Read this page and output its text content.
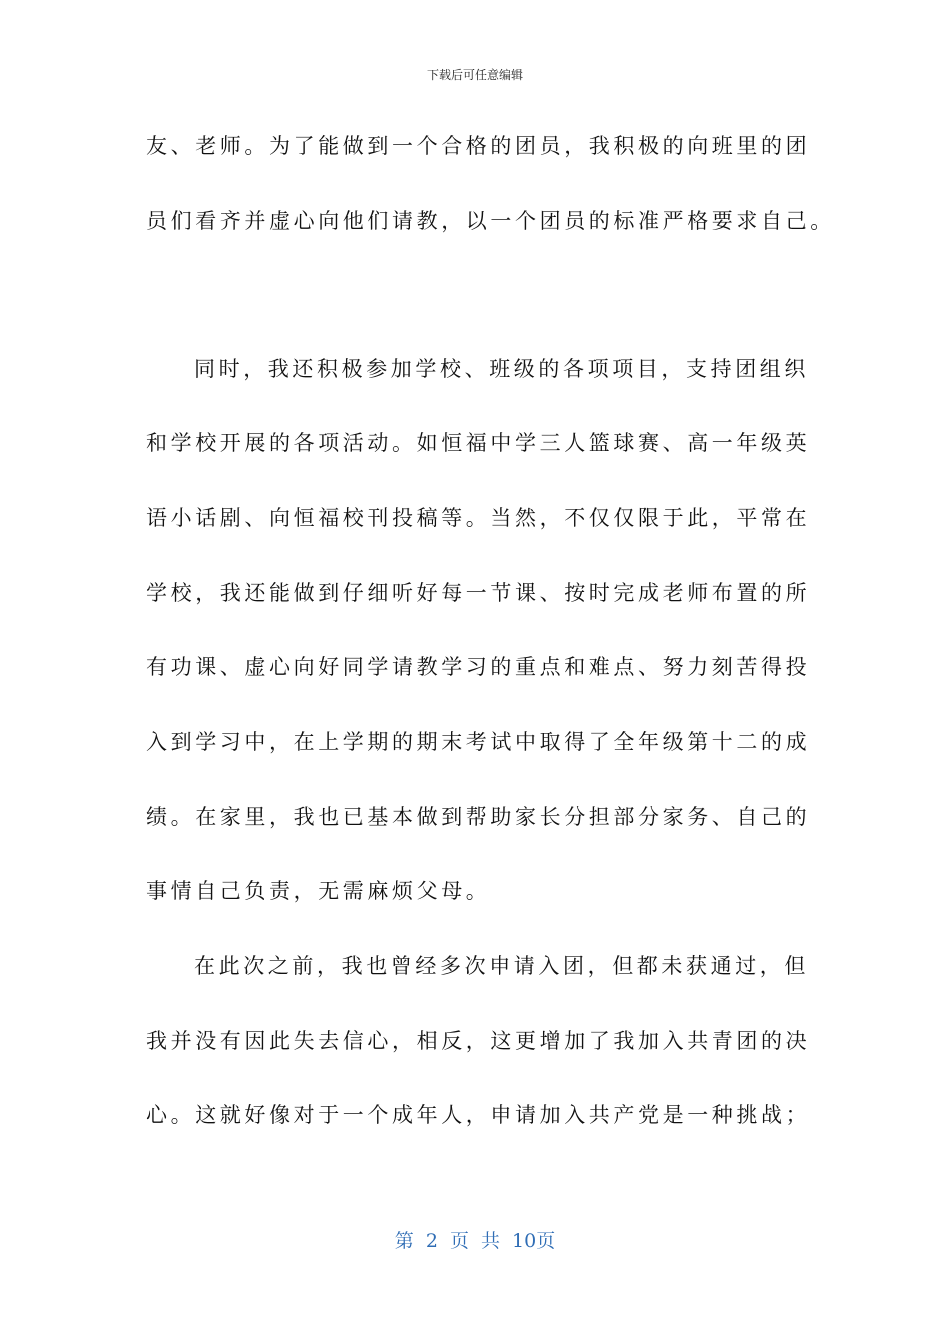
下载后可任意编辑
友、老师。为了能做到一个合格的团员，我积极的向班里的团
员们看齐并虚心向他们请教，以一个团员的标准严格要求自己。
同时，我还积极参加学校、班级的各项项目，支持团组织
和学校开展的各项活动。如恒福中学三人篮球赛、高一年级英
语小话剧、向恒福校刊投稿等。当然，不仅仅限于此，平常在
学校，我还能做到仔细听好每一节课、按时完成老师布置的所
有功课、虚心向好同学请教学习的重点和难点、努力刻苦得投
入到学习中，在上学期的期末考试中取得了全年级第十二的成
绩。在家里，我也已基本做到帮助家长分担部分家务、自己的
事情自己负责，无需麻烦父母。
在此次之前，我也曾经多次申请入团，但都未获通过，但
我并没有因此失去信心，相反，这更增加了我加入共青团的决
心。这就好像对于一个成年人，申请加入共产党是一种挑战；
第 2 页 共 10页
